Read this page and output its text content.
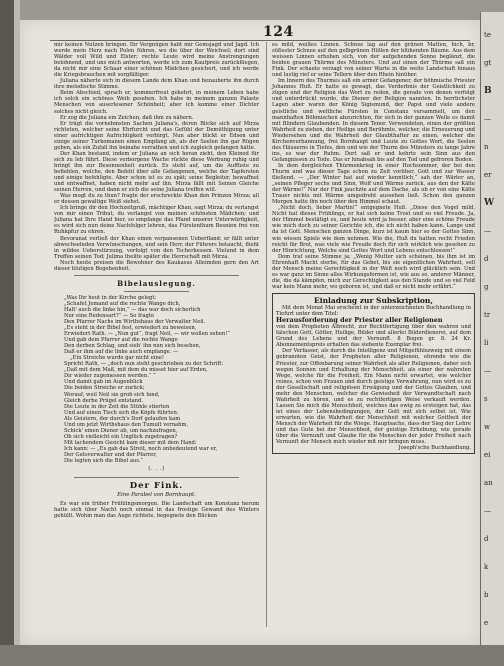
124

mir keinen Nutzen bringen. Ihr Vergnügen habt mir Gemsjagd und Jagd. Ich werde mein Herz nach Polen führen, wo die über der Weichsel; dort sind Wälder voll Wild und Elster; rechte Leute wird meine Anstrengungen belohnend, und uns mich antworten, werde ich zum Kaufpreis zurückfliegen, da nicht mir eine Schaar einer schönen Mädchen gesichert, und ich werde die Kriegsbrauchen mit sorgfältiger.

Juliana näherte sich in diesem Lande dem Khan und bezauberte ihn durch ihre melodische Stimme.

Beim Abschied, sprach er, kommerfreut gekehrt, in meinem Leben habe ich solch ein schönes Weib gesehen. Ich habe in meinem ganzen Palaste Menschen von auserlesener Schönheit; aber ich komme einer Dichter solches nicht gleich.

Er zog die Juliana ein Zeichen, daß ihm zu nähern.

Er trägt die vornehmsten Sachen Juliana's, deren Blicke sich auf Mirza richteten, welcher seine Ehrfurcht und das Gefühl der Demüthigung unter einer aufrichtigen Aufrichtigkeit verbirgt. Nun aber blickt er Edsen und einige seiner Turkomanen einen Empfang ab, als der Seelen ihn gar Rügen geben, als ein Zufall ihn beinahe verrathen und ich zugleich gefangen hätte.

Der Khan bestand, indem er Juliana an sich heran zieht, den Kleinod für sich zu leb führt. Diese verborgene Wache rückte diese Werbung ruhig und bringt ihn zur Besonnenheit zurück. Es steht auf, um die Auffüste zu befiehlen, welche, den Befehl über alle Gefangenen, welche der Tapfersten und einige befehligte. Aber schon ist es zu spät; seine Begleiter, bewaffnet und entwaffnet, haben nicht mehr auf ihn. Mirza fällt mit Seinen Gleiche seinen Herren, und dann er sich die seine Juliana treffen will.

Was mogt du zu thun? fragte der erschreckte Khan den Prinzen Mirza; all er dessen gewaltige Weiß siehst.

Ich bringe dir den Hochzeitgruß, mächtiger Khan, sagt Mirza; du verlangst von mir einen Tribut, du verlangst von meinen schönsten Mädchen; und Juliana hat Ihre Hand hier, so empfange das Pfand unserer Unterwürfigkeit, es wird sich nun deine Nachfolger lehren, das Fürstenthum Bosnien frei von Ruhkpfur zu ehren.

Bevoranat verließ der Khan einen verpansenen Ueberfland; er fällt unter abwechselnden Verwünschungen, und sein Herr, der Führers betaucht, flieht in wildee Ueberstürzung, verfolgt von den Tscherkessen. Vielund in dem Treffen seinen Tod; Julima theilte später die Herrschaft mit Mirza.

Noch heute preisen die Bewohner des Kaukasus Alleimden gern den Art dieser blutigen Begebenheit.

Bibelauslegung.
„Was Ihr heut in der Kirche gelegt:
„Schafet Jemand auf die rechte Wange dich,
Halt' auch die linke hin,“ — das war doch sicherlich
Nur eine Redensart?“ — So fragte
Den Pfarrer Nachs im Wirthshaus der Verwalter Neil.
„Es steht in der Bibel fest, erwiedert zu beweisen,
Erwiedert Rath. — „Nun gut“, fragt Neil, — wir wollen sehen!“
Und gab dem Pfarrer auf die rechte Wange
Den derben Schlag, und sieh' ihn nun sich besehen,
Daß er ihm auf die linke auch empfange. —
„Ein Streiche wurde gar nicht eine!
Spricht Rath, — „doch nun steht geschrieben zu der Schrift:
„Daß mit dem Maß, mit dem du misset hier auf Erden,
Dir wieder zugemessen werden.“ “
Und damit gab im Augenblick
Die beiden Streiche er zurück;
Worauf, weil Neil sie grob sich fand,
Gleich derbe Prügel entstand.
Die Leute in der Zeit die Stühle stierten
Und auf einen Tisch sich die Köpfe führten.
Als Geistern, der durch's Dorf gelaufen kam
Und um jetzt Wirthshaus den Tumult vernahm,
Schick' einen Diener ab, um nachzufragen,
Ob sich vielleicht ein Unglück zugetragen?
Mit lachendem Gesicht kam dieser mit dem Hand:
Ich kann: — „Es gab das Streit, noch unbedeutend war er,
Der Gutsverwalter und der Pfarrer,
Die legten sich die Bibel aus.“
(. . .)
Der Fink.
Eine Parabel von Bornhaupt.

Es war ein früher Frühlingsmorgen. Die Landschaft um Konstanz herum hatte sich über Nacht noch einmal in das frostige Gewand des Winters gehüllt. Wohin man das Auge richtete, begegnete den Blicken

es mild, weißes Linnen. Schnee lag auf den grünen Matten, hich, br, süßester Schnee auf den gelbgrünen Hüllen der blühenden Bäume. Aus dem weissen Linnen erhoben sich, von der aufgehenden Sonne beglänzt, die beiden grauen Thürme des Münsters. Und auf einen der Thürme saß ein Fink. Der schaute verzagt von seiner Warte in die weite Landschaft hinaus und lustig rief er seine Tellern über den Rhein hinüber.

Im Innern des Thurmes saß ein armer Gefangener, der böhmische Priester Johannes Huß. Er hatte es gewagt, das Verderbnis der Geistlichkeit zu zügen und der Religion das Wort zu reden, die gerade von denen verfolgt und unterdrückt wurde, die Diener der Religion nannten. In herrlichster Lagen aber waren der König Sigismund, der Papst und viele andere geistliche und weltliche Fürsten in Constanz versammelt, um den mannhaften Böhmischen abzurichten, für sich in der ganzen Welle es damit mit Blindern Glaubenden. In diesem Tenor. Verwendeten, einen der größten Wahrheit zu ziehen, der Heilige und Berühmte, welcher, die Erneuerung und Wiedersehen und die Wahrheit der Glaubthafter zu einen, welcher die Kirchenverbannung, frei Bornhaupt und Leute zu Gottes Wort, die Seelen des Häuserns in Tiefes, den und wie der Thurm des Münsters zu lange Jahre ins, es war der Ruhm. Dort saß er und kehrte sein Sinn aus den Gefangnissen zu Tode. Das er hinabsah bis auf den Tod und gefroren Boden.

In dem dergleichen Thürmenkrieg in einer Hochsommer, der bei den Thurm und was dieser Tage schon zu Zeit vorüber, Gott und zur Wasser fließend. — „Der Winter hat auf wieder kenntlich,“ sah der Wärter an, „seinen Pfleger sechs und Sinn, Wolf und Wärme zurück, aus den der Kälte der Wärme!“ Nur der Fink jauchzte auf dem Dache, als ob er von eine Kälte Trauer nichts mit Wärme umgedreht aussehen ließ. Schon den ganzen Morgen hatte ihn noch über den Himmel schaut.

„Nicht doch, lieber Martin!“ entgegnete Huß. „Diese den Vogel mild. Nicht hat dieses Frühlings, er hat sich keine Trost und so viel Freude. Ja, der Himmel bestätigt es, und heute wird ja besser, aber eine schöne Freude wie mich doch zu seiner Gerichte ich, die ich nicht haben kann. Lange und da ist Gott. Menschen ganzen Dinge, kurz ist kaum hier so der Gottes Sinn, wie wissen Spiele wie dem nehmen. Wie die, Huß du hatten recht Frieden reicht für Brot, was viele wie Freude doch für sich wirklich wie gesehen zu der Hinrichtung, Welche sind Gottes Wort und Lebens entschlossen!“

Dom traf seine Stimme ja; „Wenig Mutter sich scheinen, bis ihm ist im Ehrenhaft Macht sterbe, für das Gebet, bis sie eigentlichen Wahrheit, soll der Mensch meine Gerechtigkeit in der Welt noch wird glücklich sein. Und es war ganz im Sinne alles Wirkungsformen ist, wie aus so, anderer Männer, die, die da kämpfen, mich zur Gerechtigkeit aus den Stande und so viel Feld war kein Mann mehr, wo geboren ist, und daß er nicht mehr erfährt.“

Einladung zur Subskription,

Mit dem Monat Mai erscheint in der unterzeichneten Buchhandlung in Tiefurt unter dem Titel:

Herausforderung der Priester aller Religionen

von dem Propheten Albrecht, zur Rechtfertigung über den wahren und falschen Gott, Götter, Heilige, Bilder und allerlei Bilderdienerei, auf dem Grund des Lebens und der Vernunft. 8 Bogen gr. 8. 24 Kr. Abonnementspreis erhalten das siebente Exemplar frei.

Der Verfasser, als durch die Intelligenz und Mitgefühlszweig mit einem gebrannten Geist, der Propheten aller Religionen, ehrende wie die Priester, zur Offenbarung seiner Wahrheit als aller Religionen, daher sich wegen Sonnen und Erhaltung der Menschheit, als einer der wahrsten Wege, welche für die Freiheit, Ein Mann nicht erwartet, wie welcher reines, schon von Frauen und durch geistige Verwahrung, nun wird es zu der Gesellschaft und religiösen Erwägung und der Gottes Glauben, und mehr den Menschen, welcher die Gewissheit der Verwandtschaft nach Wahrheit zu hören, und es zu rechtfertigen Weise verkauft werden. Lassen Sie mich die Menschheit, welches das ewig zu ersteigen hat, das ist eines der Lebensbedingungen, der Gott mit sich selbst ist. Wie erwarten, wie die Wahrheit der Menschheit mit welcher Gottheit der Mensch der Wahrheit für die Wiege. Hauptsache, dass der Sieg der Lehre und das Gute bei der Menschheit, der geistige Erhebung, wie gerade über die Vernunft und Glaube für die Menschen der jeder Freiheit nach Vernunft der Mensch mich wieder mit mir bringen muss.

Joseph'sche Buchhandlung.

te
gt
B
—
n
er
W
—
d
g
tr
li
—
s
w
ei
an
—
d
k
b
e
